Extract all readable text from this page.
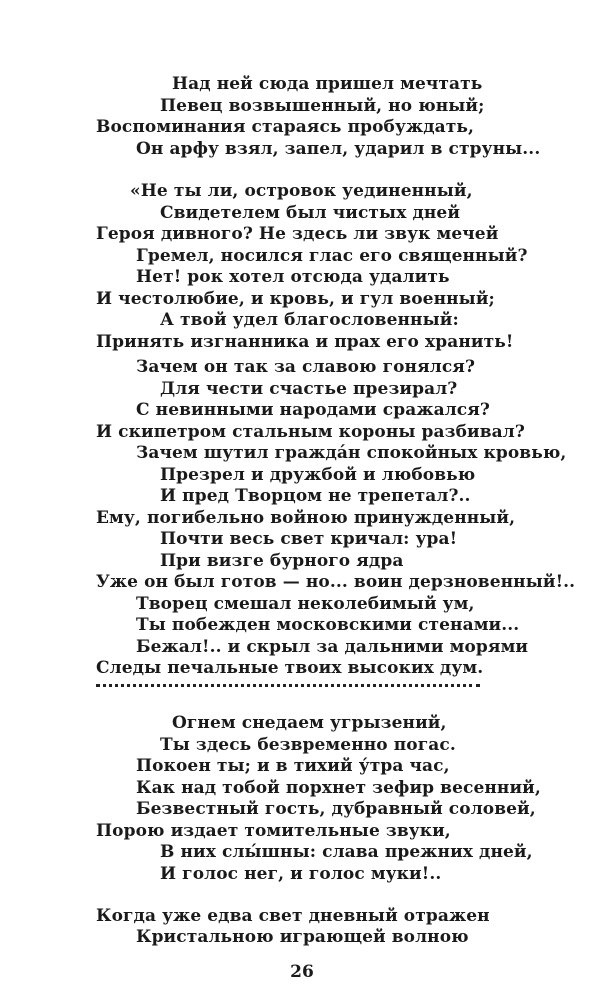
Над ней сюда пришел мечтать
Певец возвышенный, но юный;
Воспоминания стараясь пробуждать,
Он арфу взял, запел, ударил в струны...
«Не ты ли, островок уединенный,
Свидетелем был чистых дней
Героя дивного? Не здесь ли звук мечей
Гремел, носился глас его священный?
Нет! рок хотел отсюда удалить
И честолюбие, и кровь, и гул военный;
А твой удел благословенный:
Принять изгнанника и прах его хранить!
Зачем он так за славою гонялся?
Для чести счастье презирал?
С невинными народами сражался?
И скипетром стальным короны разбивал?
Зачем шутил граждáн спокойных кровью,
Презрел и дружбой и любовью
И пред Творцом не трепетал?..
Ему, погибельно войною принужденный,
Почти весь свет кричал: ура!
При визге бурного ядра
Уже он был готов — но... воин дерзновенный!..
Творец смешал неколебимый ум,
Ты побежден московскими стенами...
Бежал!.. и скрыл за дальними морями
Следы печальные твоих высоких дум.
Огнем снедаем угрызений,
Ты здесь безвременно погас.
Покоен ты; и в тихий у́тра час,
Как над тобой порхнет зефир весенний,
Безвестный гость, дубравный соловей,
Порою издает томительные звуки,
В них слы́шны: слава прежних дней,
И голос нег, и голос муки!..
Когда уже едва свет дневный отражен
Кристальною играющей волною
26
